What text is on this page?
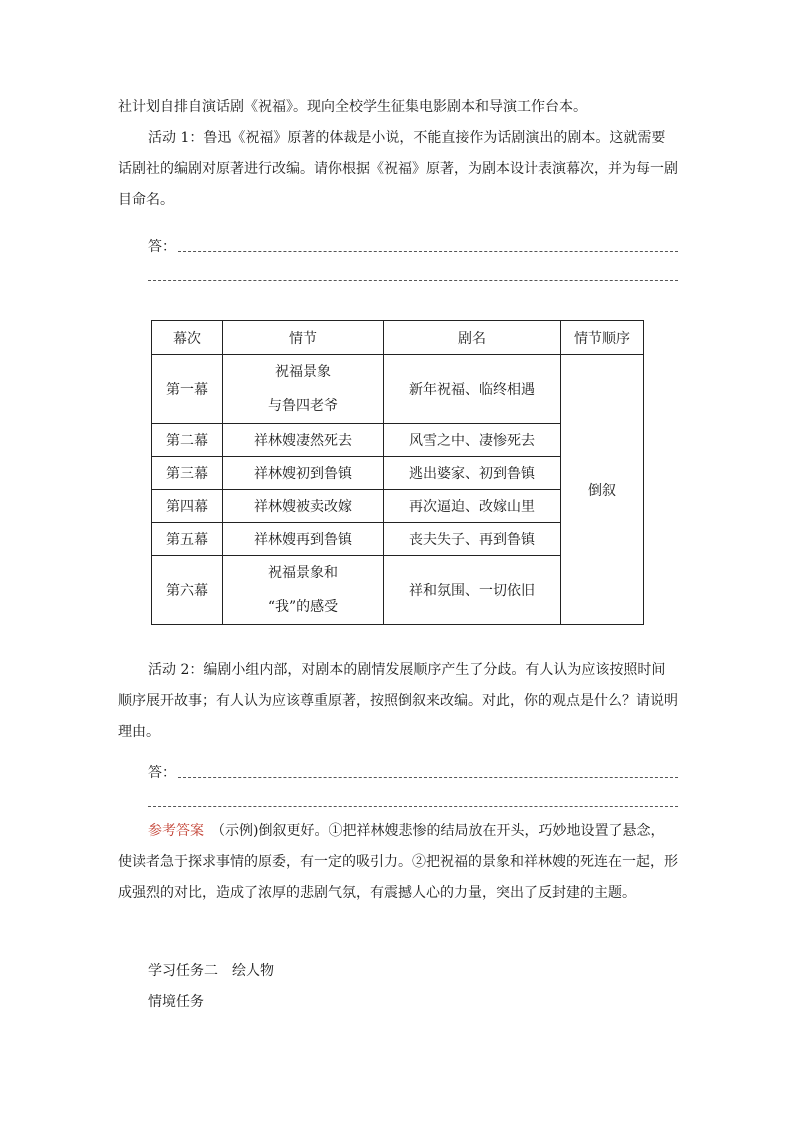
社计划自排自演话剧《祝福》。现向全校学生征集电影剧本和导演工作台本。

活动 1：鲁迅《祝福》原著的体裁是小说，不能直接作为话剧演出的剧本。这就需要话剧社的编剧对原著进行改编。请你根据《祝福》原著，为剧本设计表演幕次，并为每一剧目命名。

答：
幕次	情节	剧名	情节顺序
第一幕	祝福景象
与鲁四老爷	新年祝福、临终相遇	倒叙
第二幕	祥林嫂凄然死去	风雪之中、凄惨死去	
第三幕	祥林嫂初到鲁镇	逃出婆家、初到鲁镇	
第四幕	祥林嫂被卖改嫁	再次逼迫、改嫁山里	
第五幕	祥林嫂再到鲁镇	丧夫失子、再到鲁镇	
第六幕	祝福景象和
“我”的感受	祥和氛围、一切依旧	

活动 2：编剧小组内部，对剧本的剧情发展顺序产生了分歧。有人认为应该按照时间顺序展开故事；有人认为应该尊重原著，按照倒叙来改编。对此，你的观点是什么？请说明理由。

答：

参考答案　 （示例)倒叙更好。①把祥林嫂悲惨的结局放在开头，巧妙地设置了悬念，使读者急于探求事情的原委，有一定的吸引力。②把祝福的景象和祥林嫂的死连在一起，形成强烈的对比，造成了浓厚的悲剧气氛，有震撼人心的力量，突出了反封建的主题。

学习任务二　绘人物
情境任务
